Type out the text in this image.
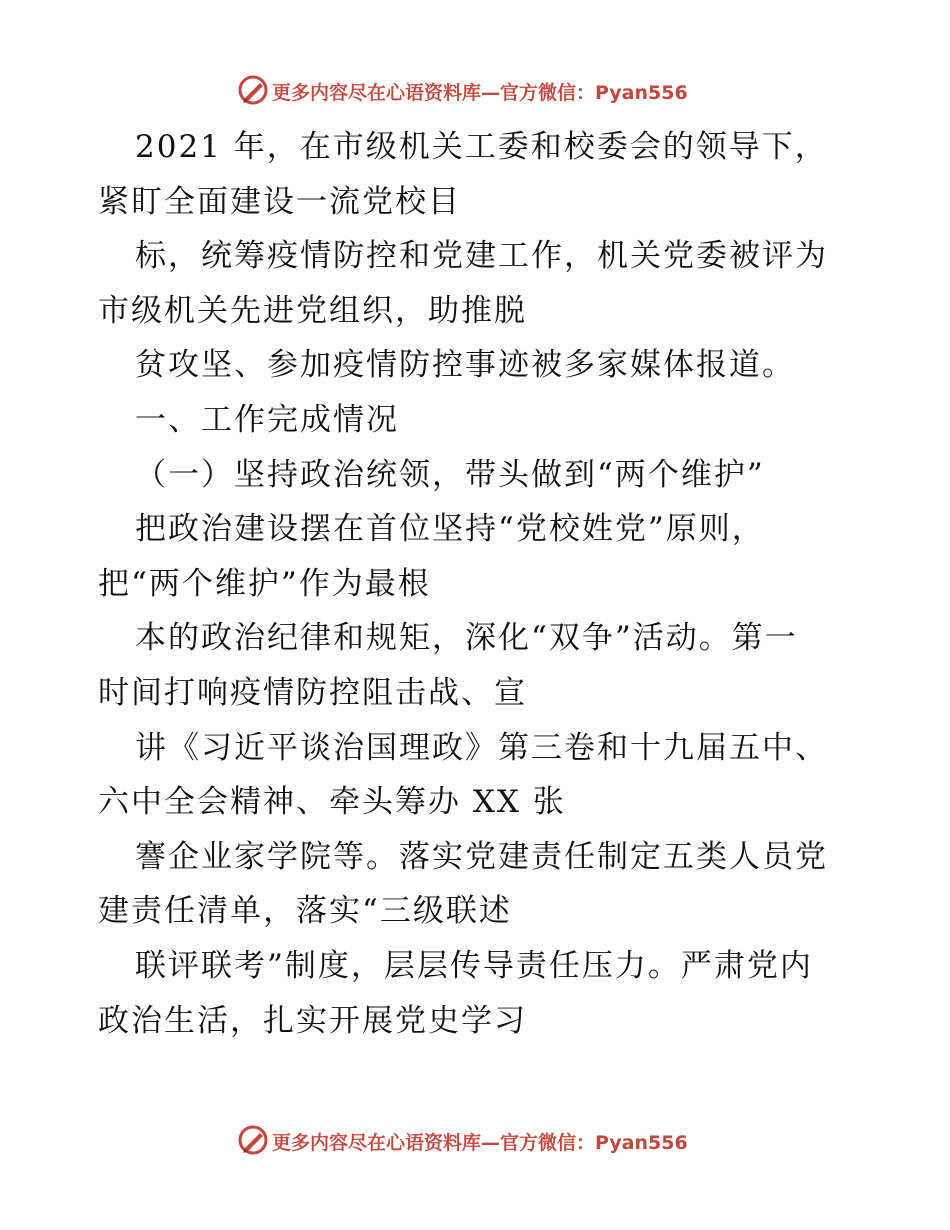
更多内容尽在心语资料库—官方微信：Pyan556
2021 年，在市级机关工委和校委会的领导下，
紧盯全面建设一流党校目
标，统筹疫情防控和党建工作，机关党委被评为
市级机关先进党组织，助推脱
贫攻坚、参加疫情防控事迹被多家媒体报道。
一、工作完成情况
（一）坚持政治统领，带头做到“两个维护”
把政治建设摆在首位坚持“党校姓党”原则，
把“两个维护”作为最根
本的政治纪律和规矩，深化“双争”活动。第一
时间打响疫情防控阻击战、宣
讲《习近平谈治国理政》第三卷和十九届五中、
六中全会精神、牵头筹办 XX 张
謇企业家学院等。落实党建责任制定五类人员党
建责任清单，落实“三级联述
联评联考”制度，层层传导责任压力。严肃党内
政治生活，扎实开展党史学习
更多内容尽在心语资料库—官方微信：Pyan556
